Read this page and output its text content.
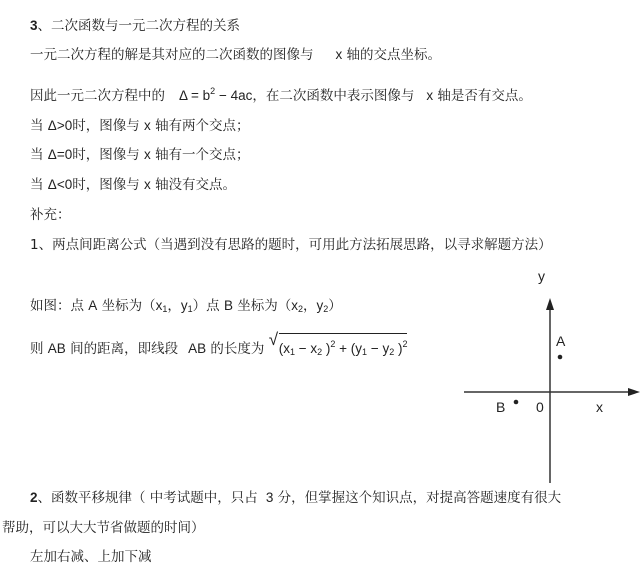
3、二次函数与一元二次方程的关系
一元二次方程的解是其对应的二次函数的图像与 x 轴的交点坐标。
因此一元二次方程中的 $\Delta = b^2 - 4ac$，在二次函数中表示图像与 x 轴是否有交点。
当 Δ>0时，图像与 x 轴有两个交点；
当 Δ=0时，图像与 x 轴有一个交点；
当 Δ<0时，图像与 x 轴没有交点。
补充：
1、两点间距离公式（当遇到没有思路的题时，可用此方法拓展思路，以寻求解题方法）
如图：点 A 坐标为（$x_1$，$y_1$）点 B 坐标为（$x_2$，$y_2$）
则 AB 间的距离，即线段 AB 的长度为 √ ($x_1 - x_2$ )$^2 + (y_1 - y_2$ )$^2$
y
x
0
A
B
2、函数平移规律（ 中考试题中，只占 3 分，但掌握这个知识点，对提高答题速度有很大
帮助，可以大大节省做题的时间）
左加右减、上加下减
